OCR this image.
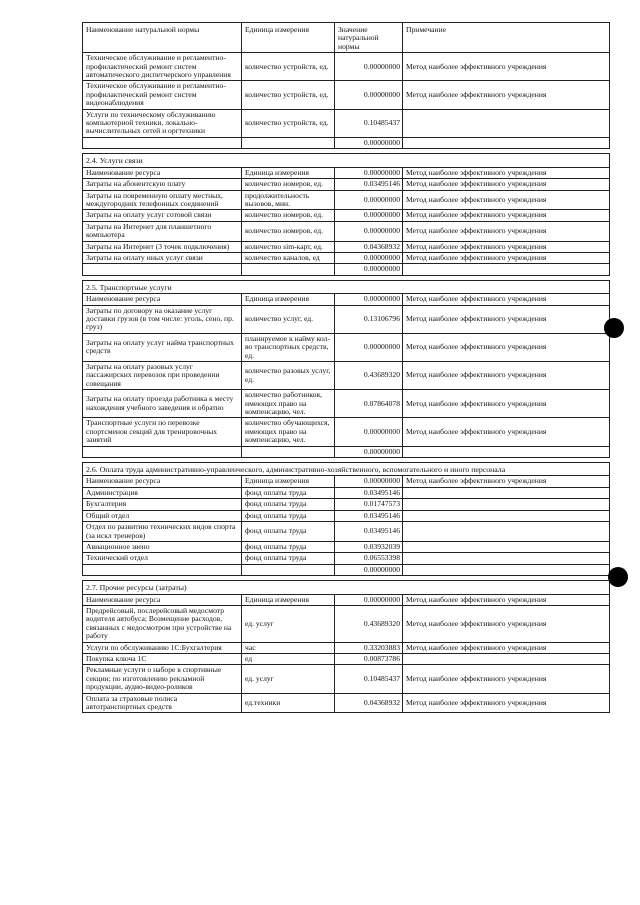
Наименование натуральной нормы	Единица измерения	Значение натуральной нормы	Примечание
Техническое обслуживание и регламентно-профилактический ремонт систем автоматического диспетчерского управления	количество устройств, ед.	0.00000000	Метод наиболее эффективного учреждения
Техническое обслуживание и регламентно-профилактический ремонт систем видеонаблюдения	количество устройств, ед.	0.00000000	Метод наиболее эффективного учреждения
Услуги по техническому обслуживанию компьютерной техники, локально-вычислительных сетей и оргтехники	количество устройств, ед.	0.10485437	
		0.00000000	

2.4. Услуги связи			
Наименование ресурса	Единица измерения	0.00000000	Метод наиболее эффективного учреждения
Затраты на абонентскую плату	количество номеров, ед.	0.03495146	Метод наиболее эффективного учреждения
Затраты на повременную оплату местных, междугородних телефонных соединений	продолжительность вызовов, мин.	0.00000000	Метод наиболее эффективного учреждения
Затраты на оплату услуг сотовой связи	количество номеров, ед.	0.00000000	Метод наиболее эффективного учреждения
Затраты на Интернет для планшетного компьютера	количество номеров, ед.	0.00000000	Метод наиболее эффективного учреждения
Затраты на Интернет (3 точек подключения)	количество sim-карт, ед.	0.04368932	Метод наиболее эффективного учреждения
Затраты на оплату иных услуг связи	количество каналов, ед	0.00000000	Метод наиболее эффективного учреждения
		0.00000000	

2.5. Транспортные услуги			
Наименование ресурса	Единица измерения	0.00000000	Метод наиболее эффективного учреждения
Затраты по договору на оказание услуг доставки грузов (в том числе: уголь, сено, пр. груз)	количество услуг, ед.	0.13106796	Метод наиболее эффективного учреждения
Затраты на оплату услуг найма транспортных средств	планируемое к найму кол-во транспортных средств, ед.	0.00000000	Метод наиболее эффективного учреждения
Затраты на оплату разовых услуг пассажирских перевозок при проведении совещания	количество разовых услуг, ед.	0.43689320	Метод наиболее эффективного учреждения
Затраты на оплату проезда работника к месту нахождения учебного заведения и обратно	количество работников, имеющих право на компенсацию, чел.	0.07864078	Метод наиболее эффективного учреждения
Транспортные услуги по перевозке спортсменов секций для тренировочных занятий	количество обучающихся, имеющих право на компенсацию, чел.	0.00000000	Метод наиболее эффективного учреждения
		0.00000000	

2.6. Оплата труда административно-управленческого, административно-хозяйственного, вспомогательного и иного персонала			
Наименование ресурса	Единица измерения	0.00000000	Метод наиболее эффективного учреждения
Администрация	фонд оплаты труда	0.03495146	
Бухгалтерия	фонд оплаты труда	0.01747573	
Общий отдел	фонд оплаты труда	0.03495146	
Отдел по развитию технических видов спорта (за искл тренеров)	фонд оплаты труда	0.03495146	
Авиационное звено	фонд оплаты труда	0.03932039	
Технический отдел	фонд оплаты труда	0.06553398	
		0.00000000	

2.7. Прочие ресурсы (затраты)			
Наименование ресурса	Единица измерения	0.00000000	Метод наиболее эффективного учреждения
Предрейсовый, послерейсовый медосмотр водителя автобуса; Возмещение расходов, связанных с медосмотром при устройстве на работу	ед. услуг	0.43689320	Метод наиболее эффективного учреждения
Услуги по обслуживанию 1С:Бухгалтерия	час	0.33203883	Метод наиболее эффективного учреждения
Покупка ключа 1С	ед	0.00873786	
Рекламные услуги о наборе в спортивные секции; по изготовлению рекламной продукции, аудио-видео-роликов	ед. услуг	0.10485437	Метод наиболее эффективного учреждения
Оплата за страховые полиса автотранспортных средств	ед.техники	0.04368932	Метод наиболее эффективного учреждения
